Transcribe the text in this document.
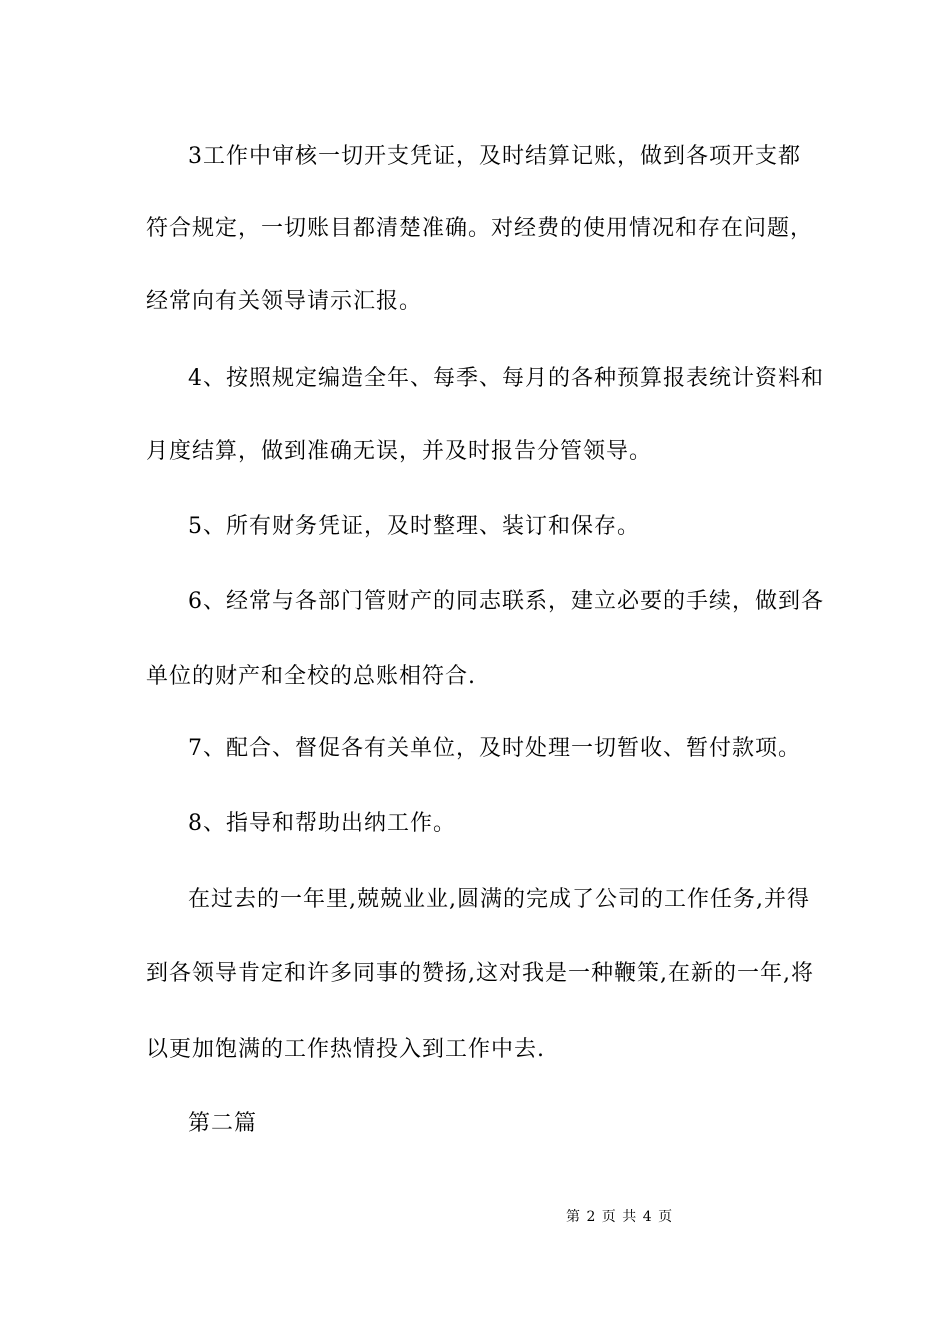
3工作中审核一切开支凭证，及时结算记账，做到各项开支都
符合规定，一切账目都清楚准确。对经费的使用情况和存在问题，
经常向有关领导请示汇报。
4、按照规定编造全年、每季、每月的各种预算报表统计资料和
月度结算，做到准确无误，并及时报告分管领导。
5、所有财务凭证，及时整理、装订和保存。
6、经常与各部门管财产的同志联系，建立必要的手续，做到各
单位的财产和全校的总账相符合.
7、配合、督促各有关单位，及时处理一切暂收、暂付款项。
8、指导和帮助出纳工作。
在过去的一年里,兢兢业业,圆满的完成了公司的工作任务,并得
到各领导肯定和许多同事的赞扬,这对我是一种鞭策,在新的一年,将
以更加饱满的工作热情投入到工作中去.
第二篇
第 2 页 共 4 页
